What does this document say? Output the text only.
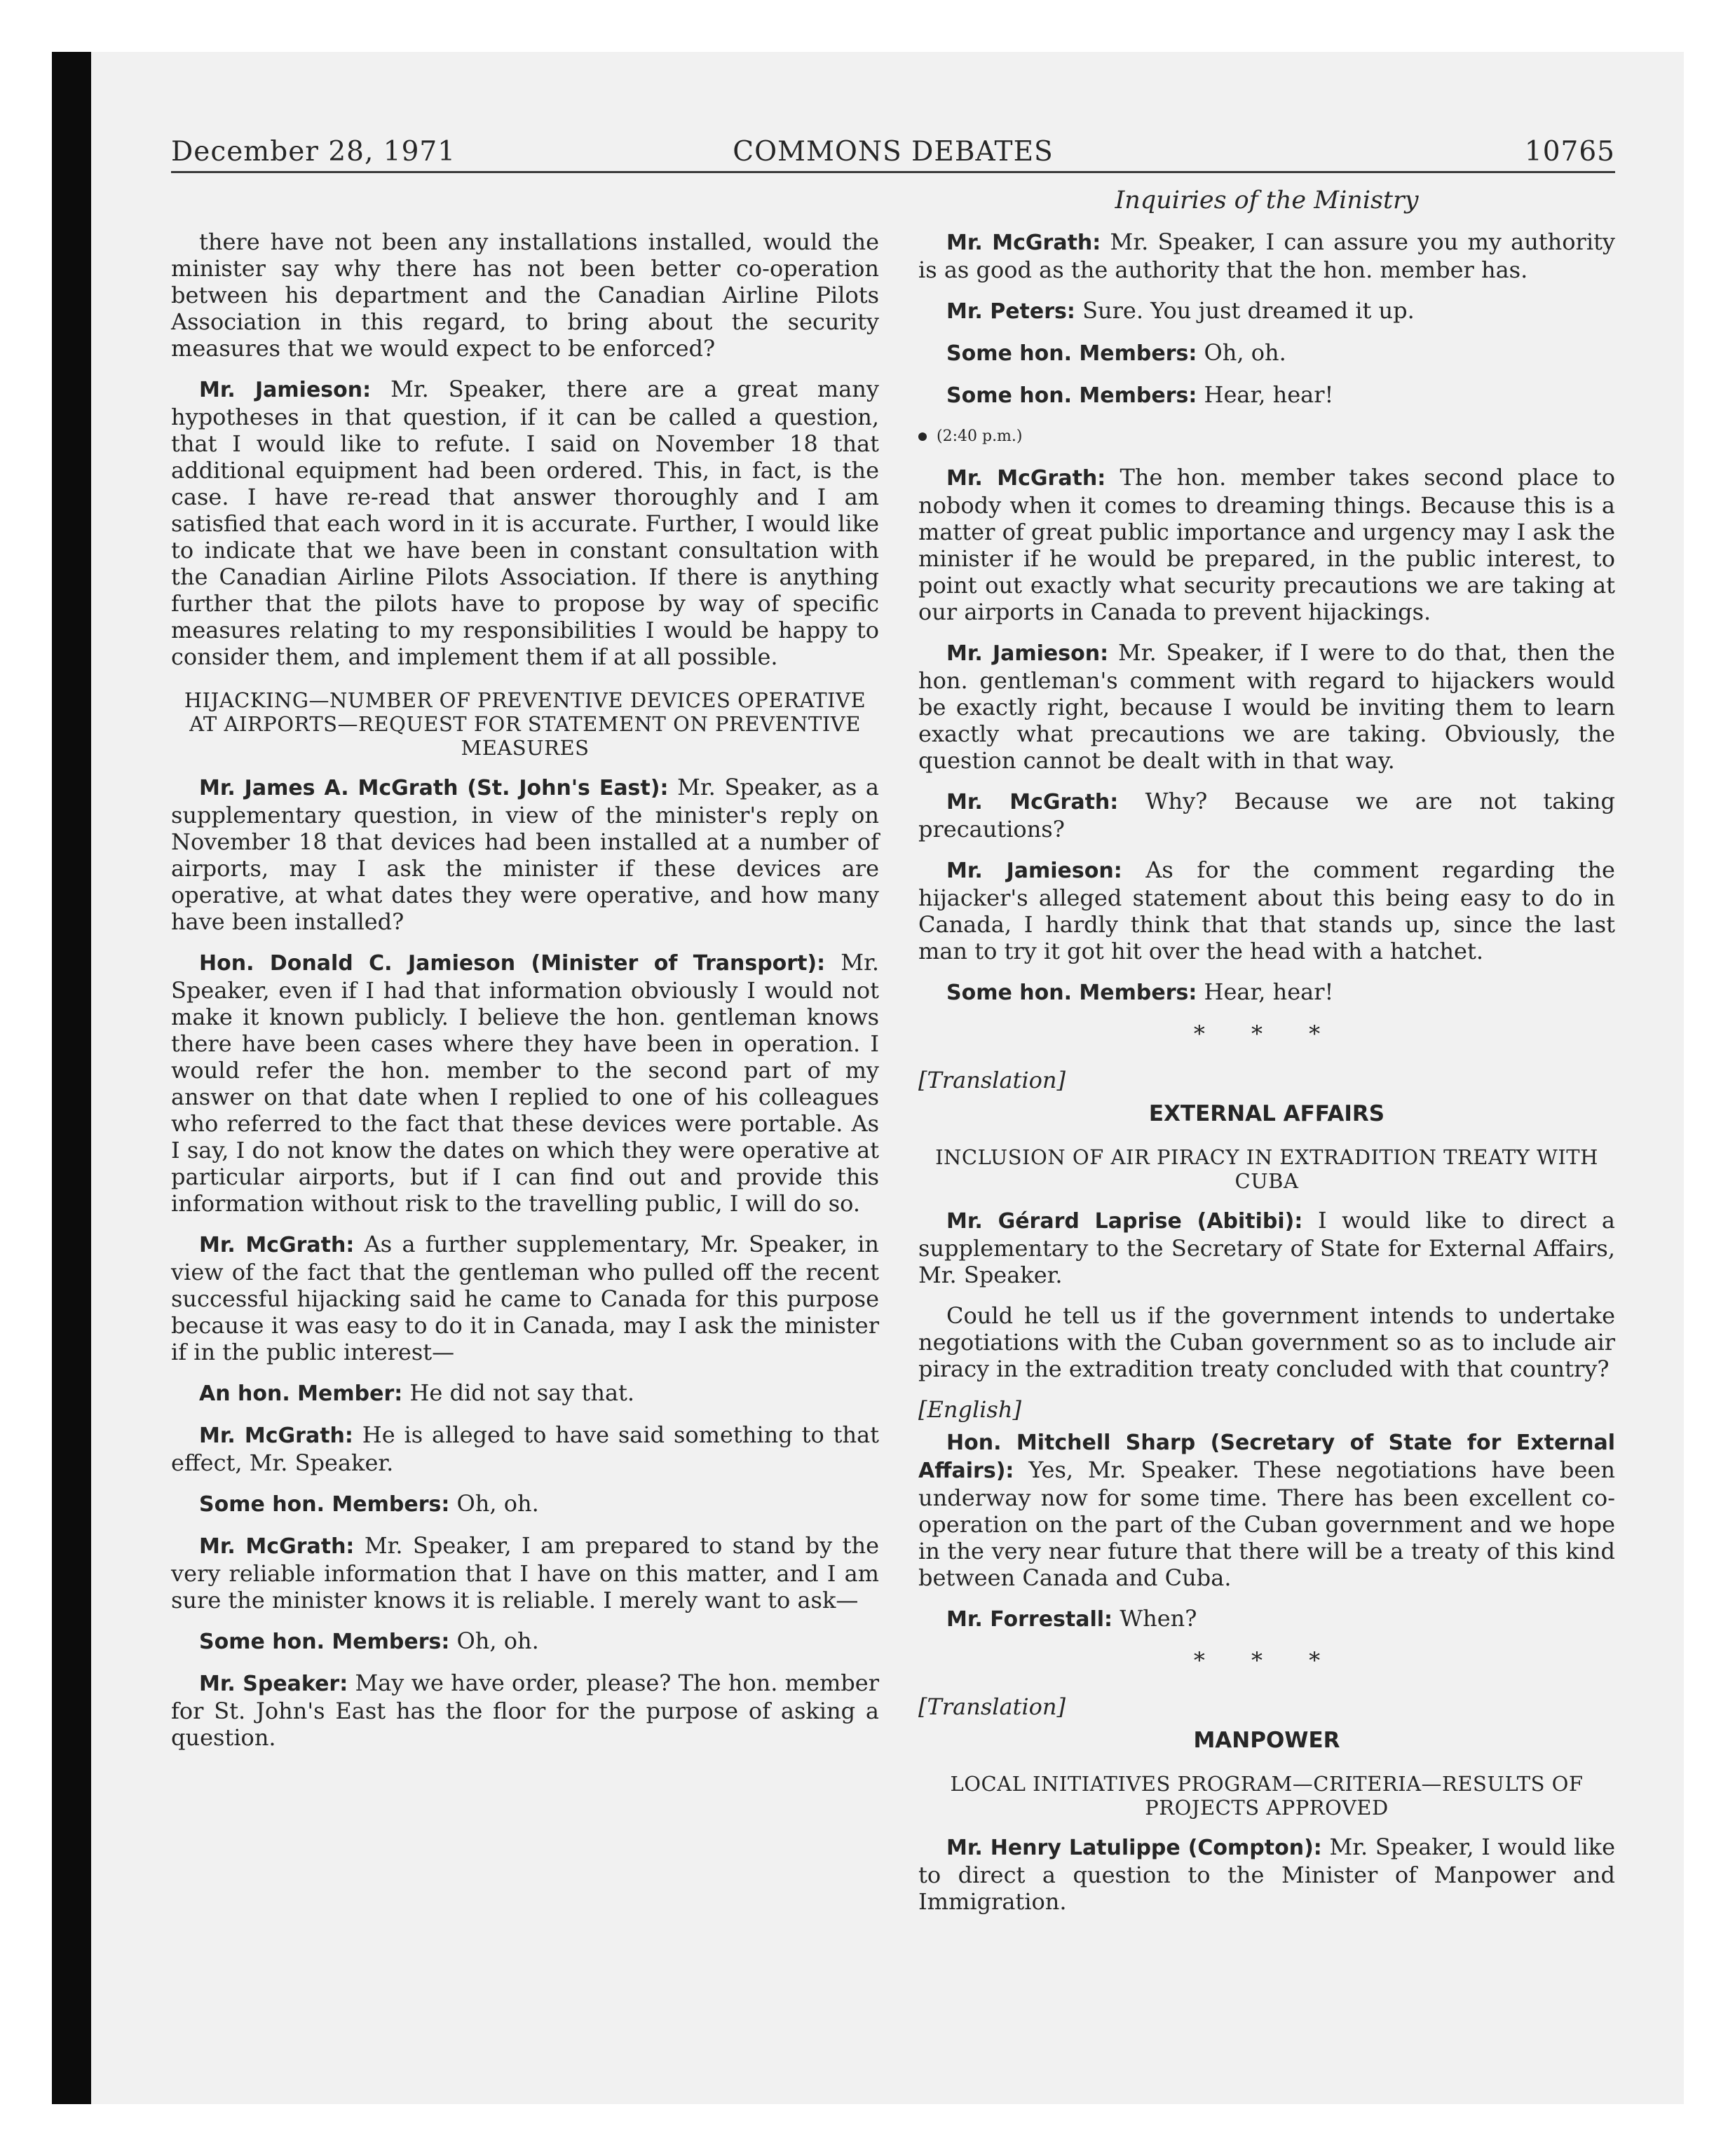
December 28, 1971	COMMONS DEBATES	10765
Inquiries of the Ministry

there have not been any installations installed, would the minister say why there has not been better co-operation between his department and the Canadian Airline Pilots Association in this regard, to bring about the security measures that we would expect to be enforced?

Mr. Jamieson: Mr. Speaker, there are a great many hypotheses in that question, if it can be called a question, that I would like to refute. I said on November 18 that additional equipment had been ordered. This, in fact, is the case. I have re-read that answer thoroughly and I am satisfied that each word in it is accurate. Further, I would like to indicate that we have been in constant consultation with the Canadian Airline Pilots Association. If there is anything further that the pilots have to propose by way of specific measures relating to my responsibilities I would be happy to consider them, and implement them if at all possible.

HIJACKING—NUMBER OF PREVENTIVE DEVICES OPERATIVE AT AIRPORTS—REQUEST FOR STATEMENT ON PREVENTIVE MEASURES

Mr. James A. McGrath (St. John's East): Mr. Speaker, as a supplementary question, in view of the minister's reply on November 18 that devices had been installed at a number of airports, may I ask the minister if these devices are operative, at what dates they were operative, and how many have been installed?

Hon. Donald C. Jamieson (Minister of Transport): Mr. Speaker, even if I had that information obviously I would not make it known publicly. I believe the hon. gentleman knows there have been cases where they have been in operation. I would refer the hon. member to the second part of my answer on that date when I replied to one of his colleagues who referred to the fact that these devices were portable. As I say, I do not know the dates on which they were operative at particular airports, but if I can find out and provide this information without risk to the travelling public, I will do so.

Mr. McGrath: As a further supplementary, Mr. Speaker, in view of the fact that the gentleman who pulled off the recent successful hijacking said he came to Canada for this purpose because it was easy to do it in Canada, may I ask the minister if in the public interest—

An hon. Member: He did not say that.

Mr. McGrath: He is alleged to have said something to that effect, Mr. Speaker.

Some hon. Members: Oh, oh.

Mr. McGrath: Mr. Speaker, I am prepared to stand by the very reliable information that I have on this matter, and I am sure the minister knows it is reliable. I merely want to ask—

Some hon. Members: Oh, oh.

Mr. Speaker: May we have order, please? The hon. member for St. John's East has the floor for the purpose of asking a question.

Mr. McGrath: Mr. Speaker, I can assure you my authority is as good as the authority that the hon. member has.

Mr. Peters: Sure. You just dreamed it up.

Some hon. Members: Oh, oh.

Some hon. Members: Hear, hear!

(2:40 p.m.)

Mr. McGrath: The hon. member takes second place to nobody when it comes to dreaming things. Because this is a matter of great public importance and urgency may I ask the minister if he would be prepared, in the public interest, to point out exactly what security precautions we are taking at our airports in Canada to prevent hijackings.

Mr. Jamieson: Mr. Speaker, if I were to do that, then the hon. gentleman's comment with regard to hijackers would be exactly right, because I would be inviting them to learn exactly what precautions we are taking. Obviously, the question cannot be dealt with in that way.

Mr. McGrath: Why? Because we are not taking precautions?

Mr. Jamieson: As for the comment regarding the hijacker's alleged statement about this being easy to do in Canada, I hardly think that that stands up, since the last man to try it got hit over the head with a hatchet.

Some hon. Members: Hear, hear!

* * *
[Translation]
EXTERNAL AFFAIRS
INCLUSION OF AIR PIRACY IN EXTRADITION TREATY WITH CUBA

Mr. Gérard Laprise (Abitibi): I would like to direct a supplementary to the Secretary of State for External Affairs, Mr. Speaker.

Could he tell us if the government intends to undertake negotiations with the Cuban government so as to include air piracy in the extradition treaty concluded with that country?

[English]

Hon. Mitchell Sharp (Secretary of State for External Affairs): Yes, Mr. Speaker. These negotiations have been underway now for some time. There has been excellent co-operation on the part of the Cuban government and we hope in the very near future that there will be a treaty of this kind between Canada and Cuba.

Mr. Forrestall: When?

* * *
[Translation]
MANPOWER
LOCAL INITIATIVES PROGRAM—CRITERIA—RESULTS OF PROJECTS APPROVED

Mr. Henry Latulippe (Compton): Mr. Speaker, I would like to direct a question to the Minister of Manpower and Immigration.
